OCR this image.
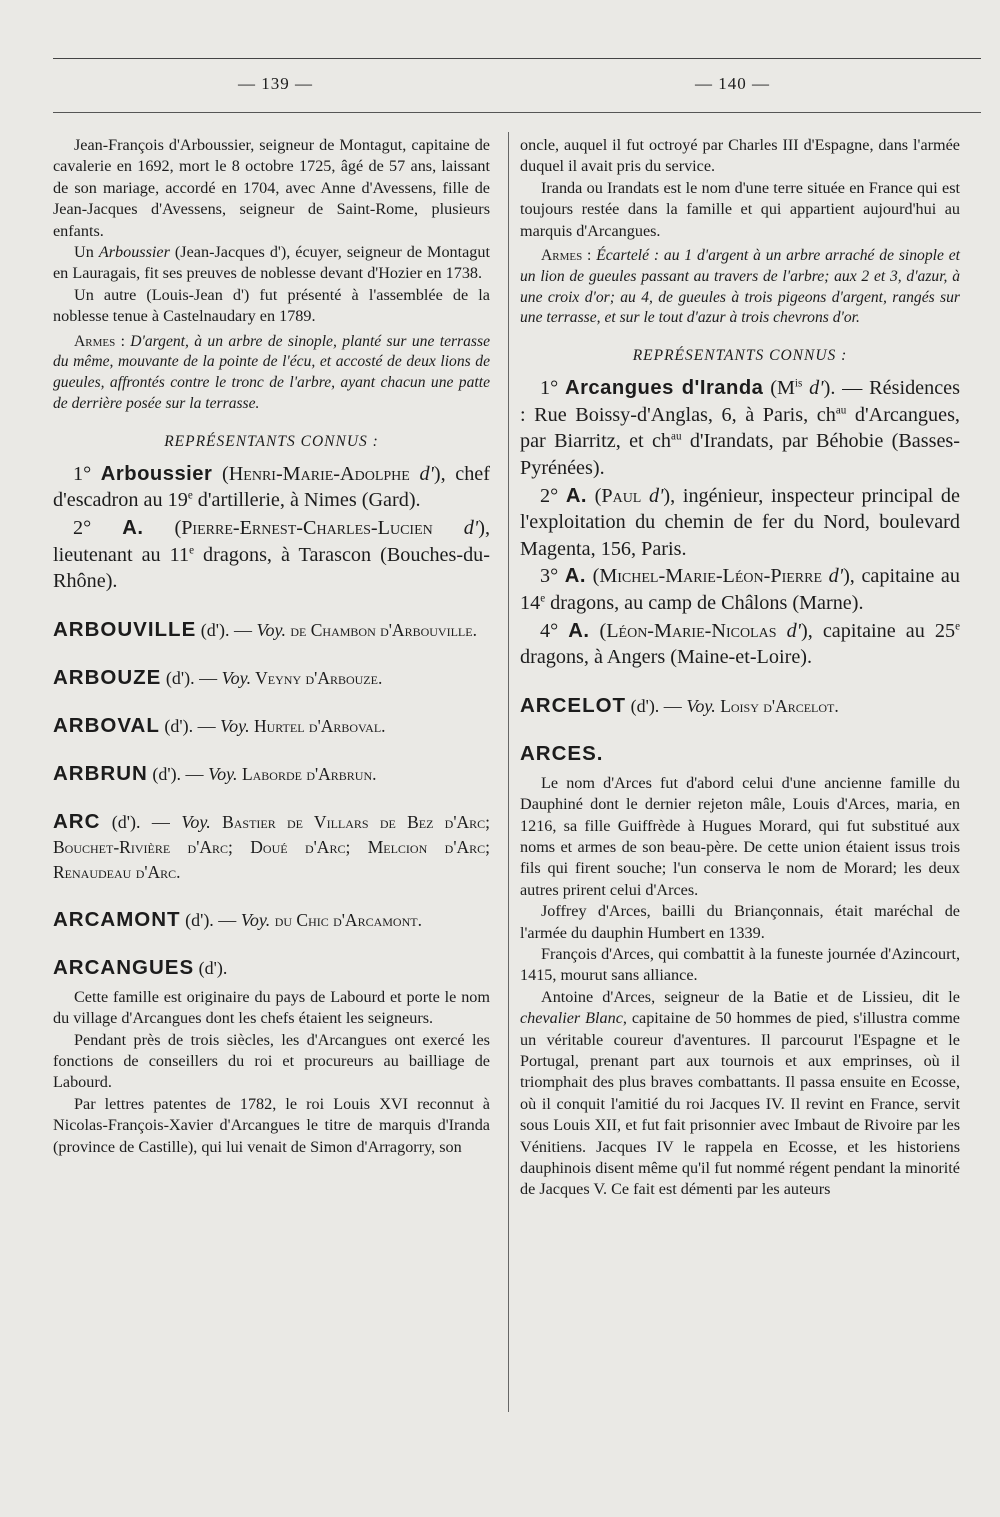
— 139 —	— 140 —

Jean-François d'Arboussier, seigneur de Montagut, capitaine de cavalerie en 1692, mort le 8 octobre 1725, âgé de 57 ans, laissant de son mariage, accordé en 1704, avec Anne d'Avessens, fille de Jean-Jacques d'Avessens, seigneur de Saint-Rome, plusieurs enfants.

Un Arboussier (Jean-Jacques d'), écuyer, seigneur de Montagut en Lauragais, fit ses preuves de noblesse devant d'Hozier en 1738.

Un autre (Louis-Jean d') fut présenté à l'assemblée de la noblesse tenue à Castelnaudary en 1789.

Armes : D'argent, à un arbre de sinople, planté sur une terrasse du même, mouvante de la pointe de l'écu, et accosté de deux lions de gueules, affrontés contre le tronc de l'arbre, ayant chacun une patte de derrière posée sur la terrasse.

REPRÉSENTANTS CONNUS :

1° Arboussier (Henri-Marie-Adolphe d'), chef d'escadron au 19e d'artillerie, à Nimes (Gard).

2° A. (Pierre-Ernest-Charles-Lucien d'), lieutenant au 11e dragons, à Tarascon (Bouches-du-Rhône).

ARBOUVILLE (d'). — Voy. de Chambon d'Arbouville.

ARBOUZE (d'). — Voy. Veyny d'Arbouze.

ARBOVAL (d'). — Voy. Hurtel d'Arboval.

ARBRUN (d'). — Voy. Laborde d'Arbrun.

ARC (d'). — Voy. Bastier de Villars de Bez d'Arc; Bouchet-Rivière d'Arc; Doué d'Arc; Melcion d'Arc; Renaudeau d'Arc.

ARCAMONT (d'). — Voy. du Chic d'Arcamont.

ARCANGUES (d').

Cette famille est originaire du pays de Labourd et porte le nom du village d'Arcangues dont les chefs étaient les seigneurs.

Pendant près de trois siècles, les d'Arcangues ont exercé les fonctions de conseillers du roi et procureurs au bailliage de Labourd.

Par lettres patentes de 1782, le roi Louis XVI reconnut à Nicolas-François-Xavier d'Arcangues le titre de marquis d'Iranda (province de Castille), qui lui venait de Simon d'Arragorry, son

oncle, auquel il fut octroyé par Charles III d'Espagne, dans l'armée duquel il avait pris du service.

Iranda ou Irandats est le nom d'une terre située en France qui est toujours restée dans la famille et qui appartient aujourd'hui au marquis d'Arcangues.

Armes : Écartelé : au 1 d'argent à un arbre arraché de sinople et un lion de gueules passant au travers de l'arbre; aux 2 et 3, d'azur, à une croix d'or; au 4, de gueules à trois pigeons d'argent, rangés sur une terrasse, et sur le tout d'azur à trois chevrons d'or.

REPRÉSENTANTS CONNUS :

1° Arcangues d'Iranda ($M^{is}$ d'). — Résidences : Rue Boissy-d'Anglas, 6, à Paris, $ch^{au}$ d'Arcangues, par Biarritz, et $ch^{au}$ d'Irandats, par Béhobie (Basses-Pyrénées).

2° A. (Paul d'), ingénieur, inspecteur principal de l'exploitation du chemin de fer du Nord, boulevard Magenta, 156, Paris.

3° A. (Michel-Marie-Léon-Pierre d'), capitaine au 14e dragons, au camp de Châlons (Marne).

4° A. (Léon-Marie-Nicolas d'), capitaine au 25e dragons, à Angers (Maine-et-Loire).

ARCELOT (d'). — Voy. Loisy d'Arcelot.

ARCES.

Le nom d'Arces fut d'abord celui d'une ancienne famille du Dauphiné dont le dernier rejeton mâle, Louis d'Arces, maria, en 1216, sa fille Guiffrède à Hugues Morard, qui fut substitué aux noms et armes de son beau-père. De cette union étaient issus trois fils qui firent souche; l'un conserva le nom de Morard; les deux autres prirent celui d'Arces.

Joffrey d'Arces, bailli du Briançonnais, était maréchal de l'armée du dauphin Humbert en 1339.

François d'Arces, qui combattit à la funeste journée d'Azincourt, 1415, mourut sans alliance.

Antoine d'Arces, seigneur de la Batie et de Lissieu, dit le chevalier Blanc, capitaine de 50 hommes de pied, s'illustra comme un véritable coureur d'aventures. Il parcourut l'Espagne et le Portugal, prenant part aux tournois et aux emprinses, où il triomphait des plus braves combattants. Il passa ensuite en Ecosse, où il conquit l'amitié du roi Jacques IV. Il revint en France, servit sous Louis XII, et fut fait prisonnier avec Imbaut de Rivoire par les Vénitiens. Jacques IV le rappela en Ecosse, et les historiens dauphinois disent même qu'il fut nommé régent pendant la minorité de Jacques V. Ce fait est démenti par les auteurs
